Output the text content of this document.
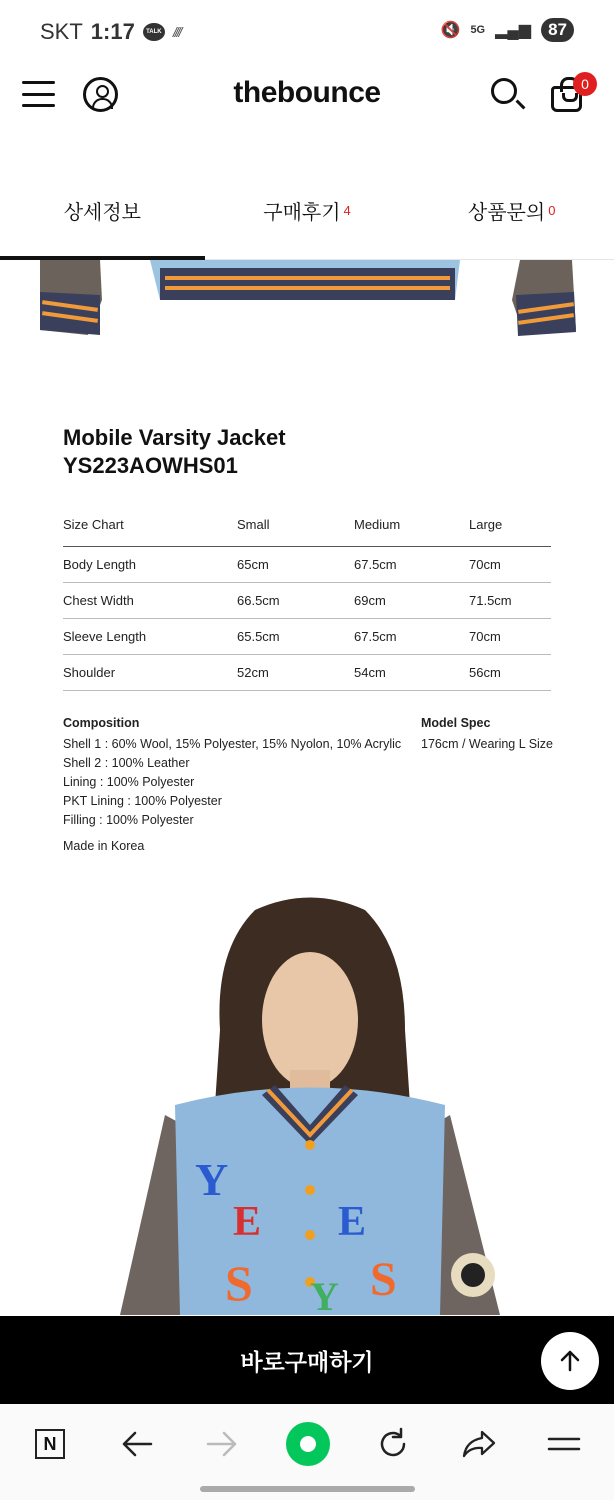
SKT 1:17 TALK ////	🔇 5G ▂▄▆	87
thebounce	0
상세정보	구매후기 4	상품문의 0
Mobile Varsity Jacket
YS223AOWHS01
Size Chart	Small	Medium	Large
Body Length	65cm	67.5cm	70cm
Chest Width	66.5cm	69cm	71.5cm
Sleeve Length	65.5cm	67.5cm	70cm
Shoulder	52cm	54cm	56cm
Composition
Shell 1 : 60% Wool, 15% Polyester, 15% Nyolon, 10% Acrylic
Shell 2 : 100% Leather
Lining : 100% Polyester
PKT Lining : 100% Polyester
Filling : 100% Polyester
Made in Korea
Model Spec
176cm / Wearing L Size
Y
E E
S S
Y
바로구매하기
N
